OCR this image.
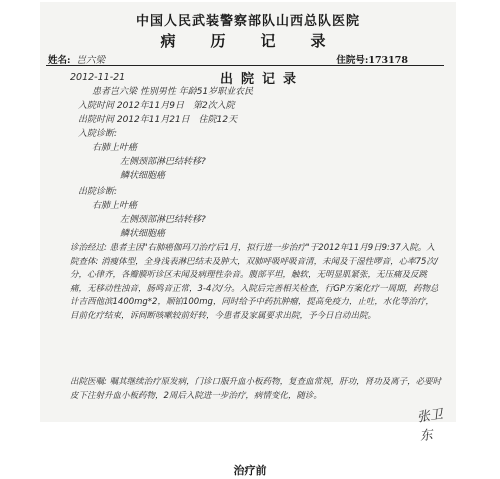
中国人民武装警察部队山西总队医院
病　历　记　录
姓名: 岂六梁	住院号:173178
2012-11-21	出院记录
患者岂六梁 性别男性 年龄51岁职业农民
入院时间 2012年11月9日　第2次入院
出院时间 2012年11月21日　住院12天
入院诊断:
右肺上叶癌
左侧颈部淋巴结转移?
鳞状细胞癌
出院诊断:
右肺上叶癌
左侧颈部淋巴结转移?
鳞状细胞癌
诊治经过: 患者主因"右肺癌伽玛刀治疗后1月，拟行进一步治疗"于2012年11月9日9:37入院。入院查体: 消瘦体型，全身浅表淋巴结未及肿大，双肺呼吸呼吸音清，未闻及干湿性啰音，心率75次/分，心律齐，各瓣膜听诊区未闻及病理性杂音。腹部平坦，触软，无明显肌紧张，无压痛及反跳痛，无移动性浊音，肠鸣音正常，3-4次/分。入院后完善相关检查，行GP方案化疗一周期，药物总计吉西他滨1400mg*2，顺铂100mg，同时给予中药抗肿瘤，提高免疫力，止吐，水化等治疗，目前化疗结束，诉间断咳嗽较前好转，今患者及家属要求出院，予今日自动出院。
出院医嘱: 嘱其继续治疗原发病，门诊口服升血小板药物，复查血常规，肝功，肾功及离子，必要时皮下注射升血小板药物，2周后入院进一步治疗，病情变化，随诊。
张卫东
治疗前
